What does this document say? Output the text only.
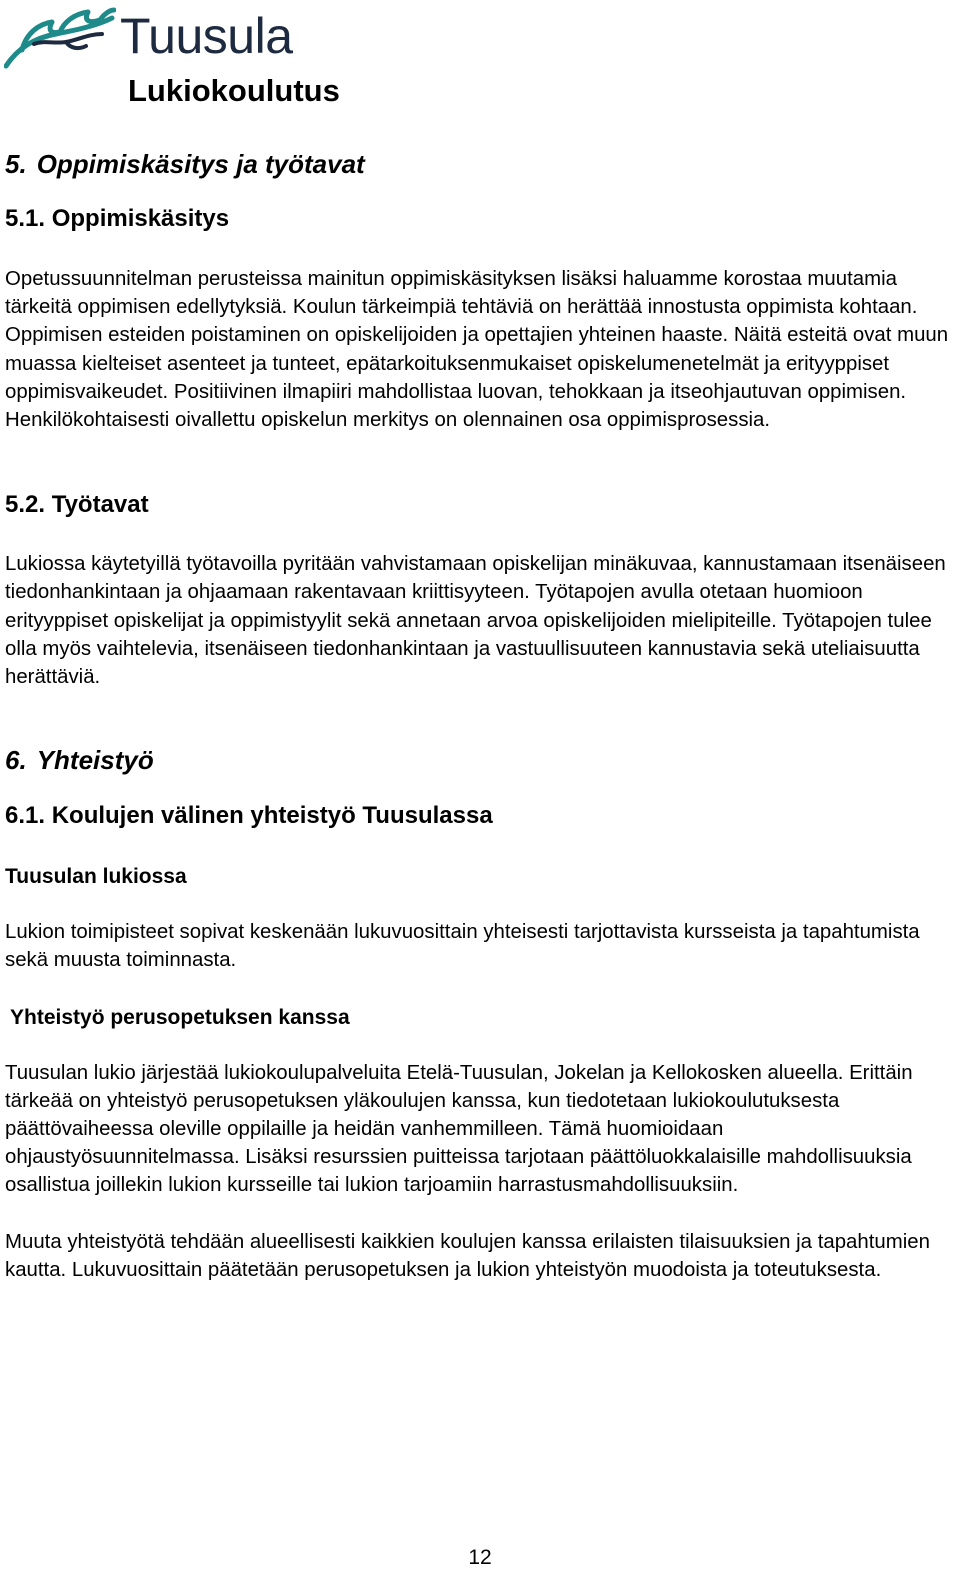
Tuusula
Lukiokoulutus
5. Oppimiskäsitys ja työtavat
5.1. Oppimiskäsitys

Opetussuunnitelman perusteissa mainitun oppimiskäsityksen lisäksi haluamme korostaa muutamia tärkeitä oppimisen edellytyksiä. Koulun tärkeimpiä tehtäviä on herättää innostusta oppimista kohtaan. Oppimisen esteiden poistaminen on opiskelijoiden ja opettajien yhteinen haaste. Näitä esteitä ovat muun muassa kielteiset asenteet ja tunteet, epätarkoituksenmukaiset opiskelumenetelmät ja erityyppiset oppimisvaikeudet. Positiivinen ilmapiiri mahdollistaa luovan, tehokkaan ja itseohjautuvan oppimisen. Henkilökohtaisesti oivallettu opiskelun merkitys on olennainen osa oppimisprosessia.

5.2. Työtavat

Lukiossa käytetyillä työtavoilla pyritään vahvistamaan opiskelijan minäkuvaa, kannustamaan itsenäiseen tiedonhankintaan ja ohjaamaan rakentavaan kriittisyyteen. Työtapojen avulla otetaan huomioon erityyppiset opiskelijat ja oppimistyylit sekä annetaan arvoa opiskelijoiden mielipiteille. Työtapojen tulee olla myös vaihtelevia, itsenäiseen tiedonhankintaan ja vastuullisuuteen kannustavia sekä uteliaisuutta herättäviä.

6. Yhteistyö
6.1. Koulujen välinen yhteistyö Tuusulassa
Tuusulan lukiossa

Lukion toimipisteet sopivat keskenään lukuvuosittain yhteisesti tarjottavista kursseista ja tapahtumista sekä muusta toiminnasta.

Yhteistyö perusopetuksen kanssa

Tuusulan lukio järjestää lukiokoulupalveluita Etelä-Tuusulan, Jokelan ja Kellokosken alueella. Erittäin tärkeää on yhteistyö perusopetuksen yläkoulujen kanssa, kun tiedotetaan lukiokoulutuksesta päättövaiheessa oleville oppilaille ja heidän vanhemmilleen. Tämä huomioidaan ohjaustyösuunnitelmassa. Lisäksi resurssien puitteissa tarjotaan päättöluokkalaisille mahdollisuuksia osallistua joillekin lukion kursseille tai lukion tarjoamiin harrastusmahdollisuuksiin.

Muuta yhteistyötä tehdään alueellisesti kaikkien koulujen kanssa erilaisten tilaisuuksien ja tapahtumien kautta. Lukuvuosittain päätetään perusopetuksen ja lukion yhteistyön muodoista ja toteutuksesta.

12
